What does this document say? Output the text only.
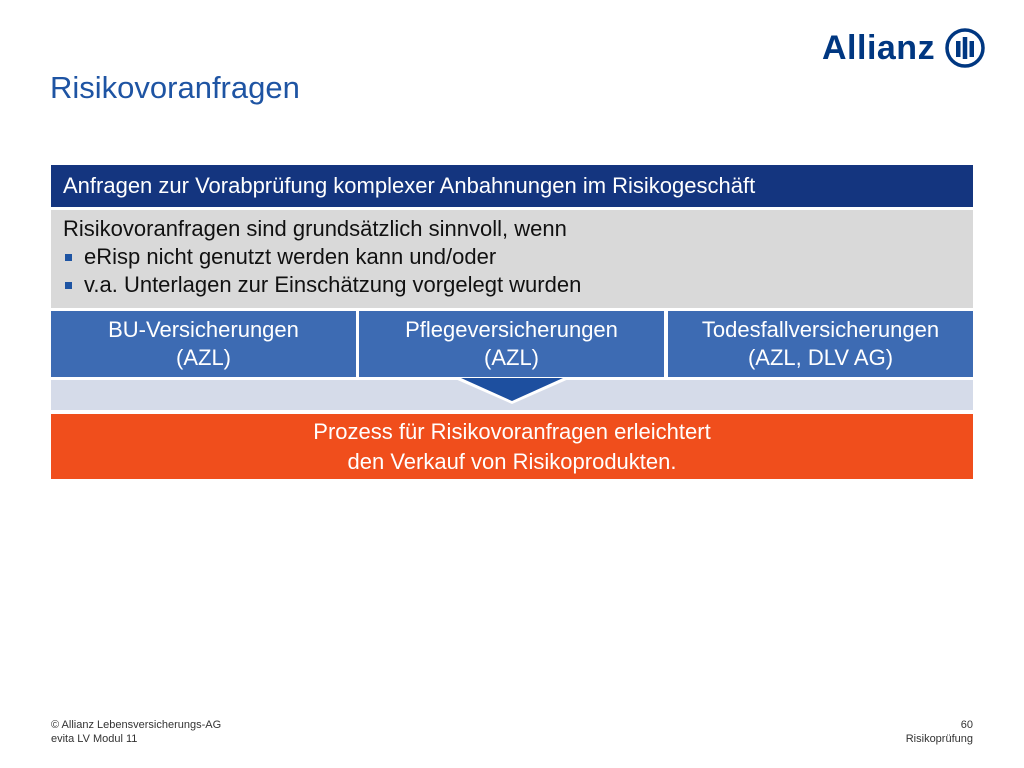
Allianz
Risikovoranfragen
Anfragen zur Vorabprüfung komplexer Anbahnungen im Risikogeschäft
Risikovoranfragen sind grundsätzlich sinnvoll, wenn
eRisp nicht genutzt werden kann und/oder
v.a. Unterlagen zur Einschätzung vorgelegt wurden
BU-Versicherungen
(AZL)
Pflegeversicherungen
(AZL)
Todesfallversicherungen
(AZL, DLV AG)
Prozess für Risikovoranfragen erleichtert
den Verkauf von Risikoprodukten.
© Allianz Lebensversicherungs-AG
evita LV Modul 11
60
Risikoprüfung
